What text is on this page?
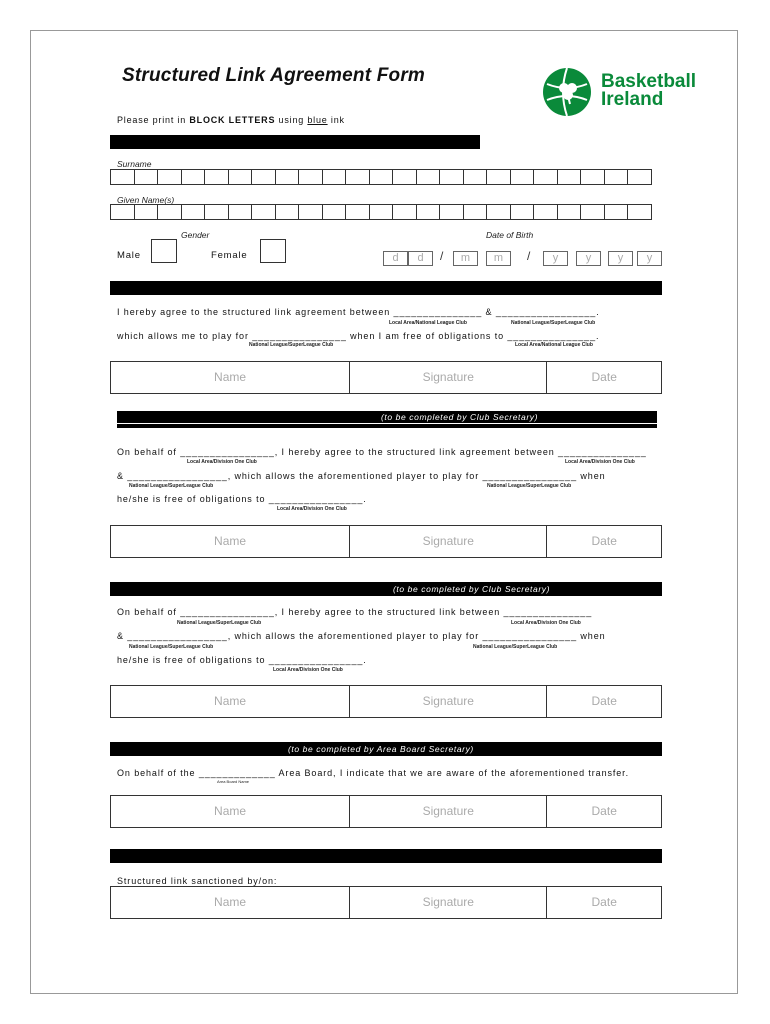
Structured Link Agreement Form	Basketball
Ireland
Please print in BLOCK LETTERS using blue ink
Surname
Given Name(s)
Gender
Male	Female
Date of Birth
d	d	/	m	m	/	y	y	y	y
I hereby agree to the structured link agreement between _______________ & _________________.
Local Area/National League Club	National League/SuperLeague Club
which allows me to play for ________________ when I am free of obligations to _______________.
National League/SuperLeague Club	Local Area/National League Club
Name	Signature	Date
(to be completed by Club Secretary)
On behalf of ________________, I hereby agree to the structured link agreement between _______________
Local Area/Division One Club	Local Area/Division One Club
& _________________, which allows the aforementioned player to play for ________________ when
National League/SuperLeague Club	National League/SuperLeague Club
he/she is free of obligations to ________________.
Local Area/Division One Club
Name	Signature	Date
(to be completed by Club Secretary)
On behalf of ________________, I hereby agree to the structured link between _______________
National League/SuperLeague Club	Local Area/Division One Club
& _________________, which allows the aforementioned player to play for ________________ when
National League/SuperLeague Club	National League/SuperLeague Club
he/she is free of obligations to ________________.
Local Area/Division One Club
Name	Signature	Date
(to be completed by Area Board Secretary)
On behalf of the _____________ Area Board, I indicate that we are aware of the aforementioned transfer.
Area Board Name
Name	Signature	Date
Structured link sanctioned by/on:
Name	Signature	Date
